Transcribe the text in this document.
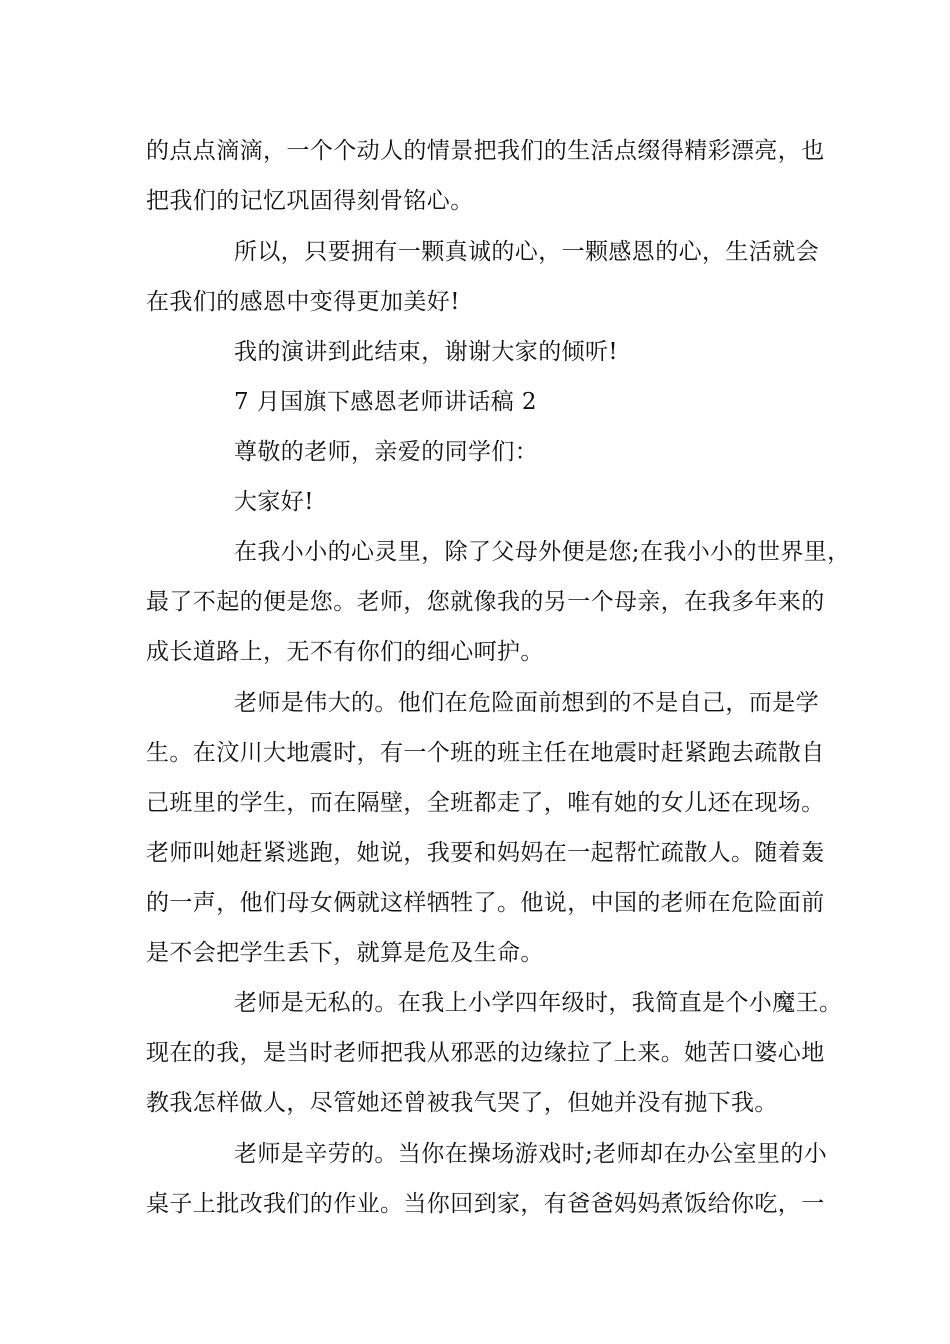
的点点滴滴，一个个动人的情景把我们的生活点缀得精彩漂亮，也
把我们的记忆巩固得刻骨铭心。
所以，只要拥有一颗真诚的心，一颗感恩的心，生活就会
在我们的感恩中变得更加美好!
我的演讲到此结束，谢谢大家的倾听!
7 月国旗下感恩老师讲话稿 2
尊敬的老师，亲爱的同学们：
大家好!
在我小小的心灵里，除了父母外便是您;在我小小的世界里，
最了不起的便是您。老师，您就像我的另一个母亲，在我多年来的
成长道路上，无不有你们的细心呵护。
老师是伟大的。他们在危险面前想到的不是自己，而是学
生。在汶川大地震时，有一个班的班主任在地震时赶紧跑去疏散自
己班里的学生，而在隔壁，全班都走了，唯有她的女儿还在现场。
老师叫她赶紧逃跑，她说，我要和妈妈在一起帮忙疏散人。随着轰
的一声，他们母女俩就这样牺牲了。他说，中国的老师在危险面前
是不会把学生丢下，就算是危及生命。
老师是无私的。在我上小学四年级时，我简直是个小魔王。
现在的我，是当时老师把我从邪恶的边缘拉了上来。她苦口婆心地
教我怎样做人，尽管她还曾被我气哭了，但她并没有抛下我。
老师是辛劳的。当你在操场游戏时;老师却在办公室里的小
桌子上批改我们的作业。当你回到家，有爸爸妈妈煮饭给你吃，一
